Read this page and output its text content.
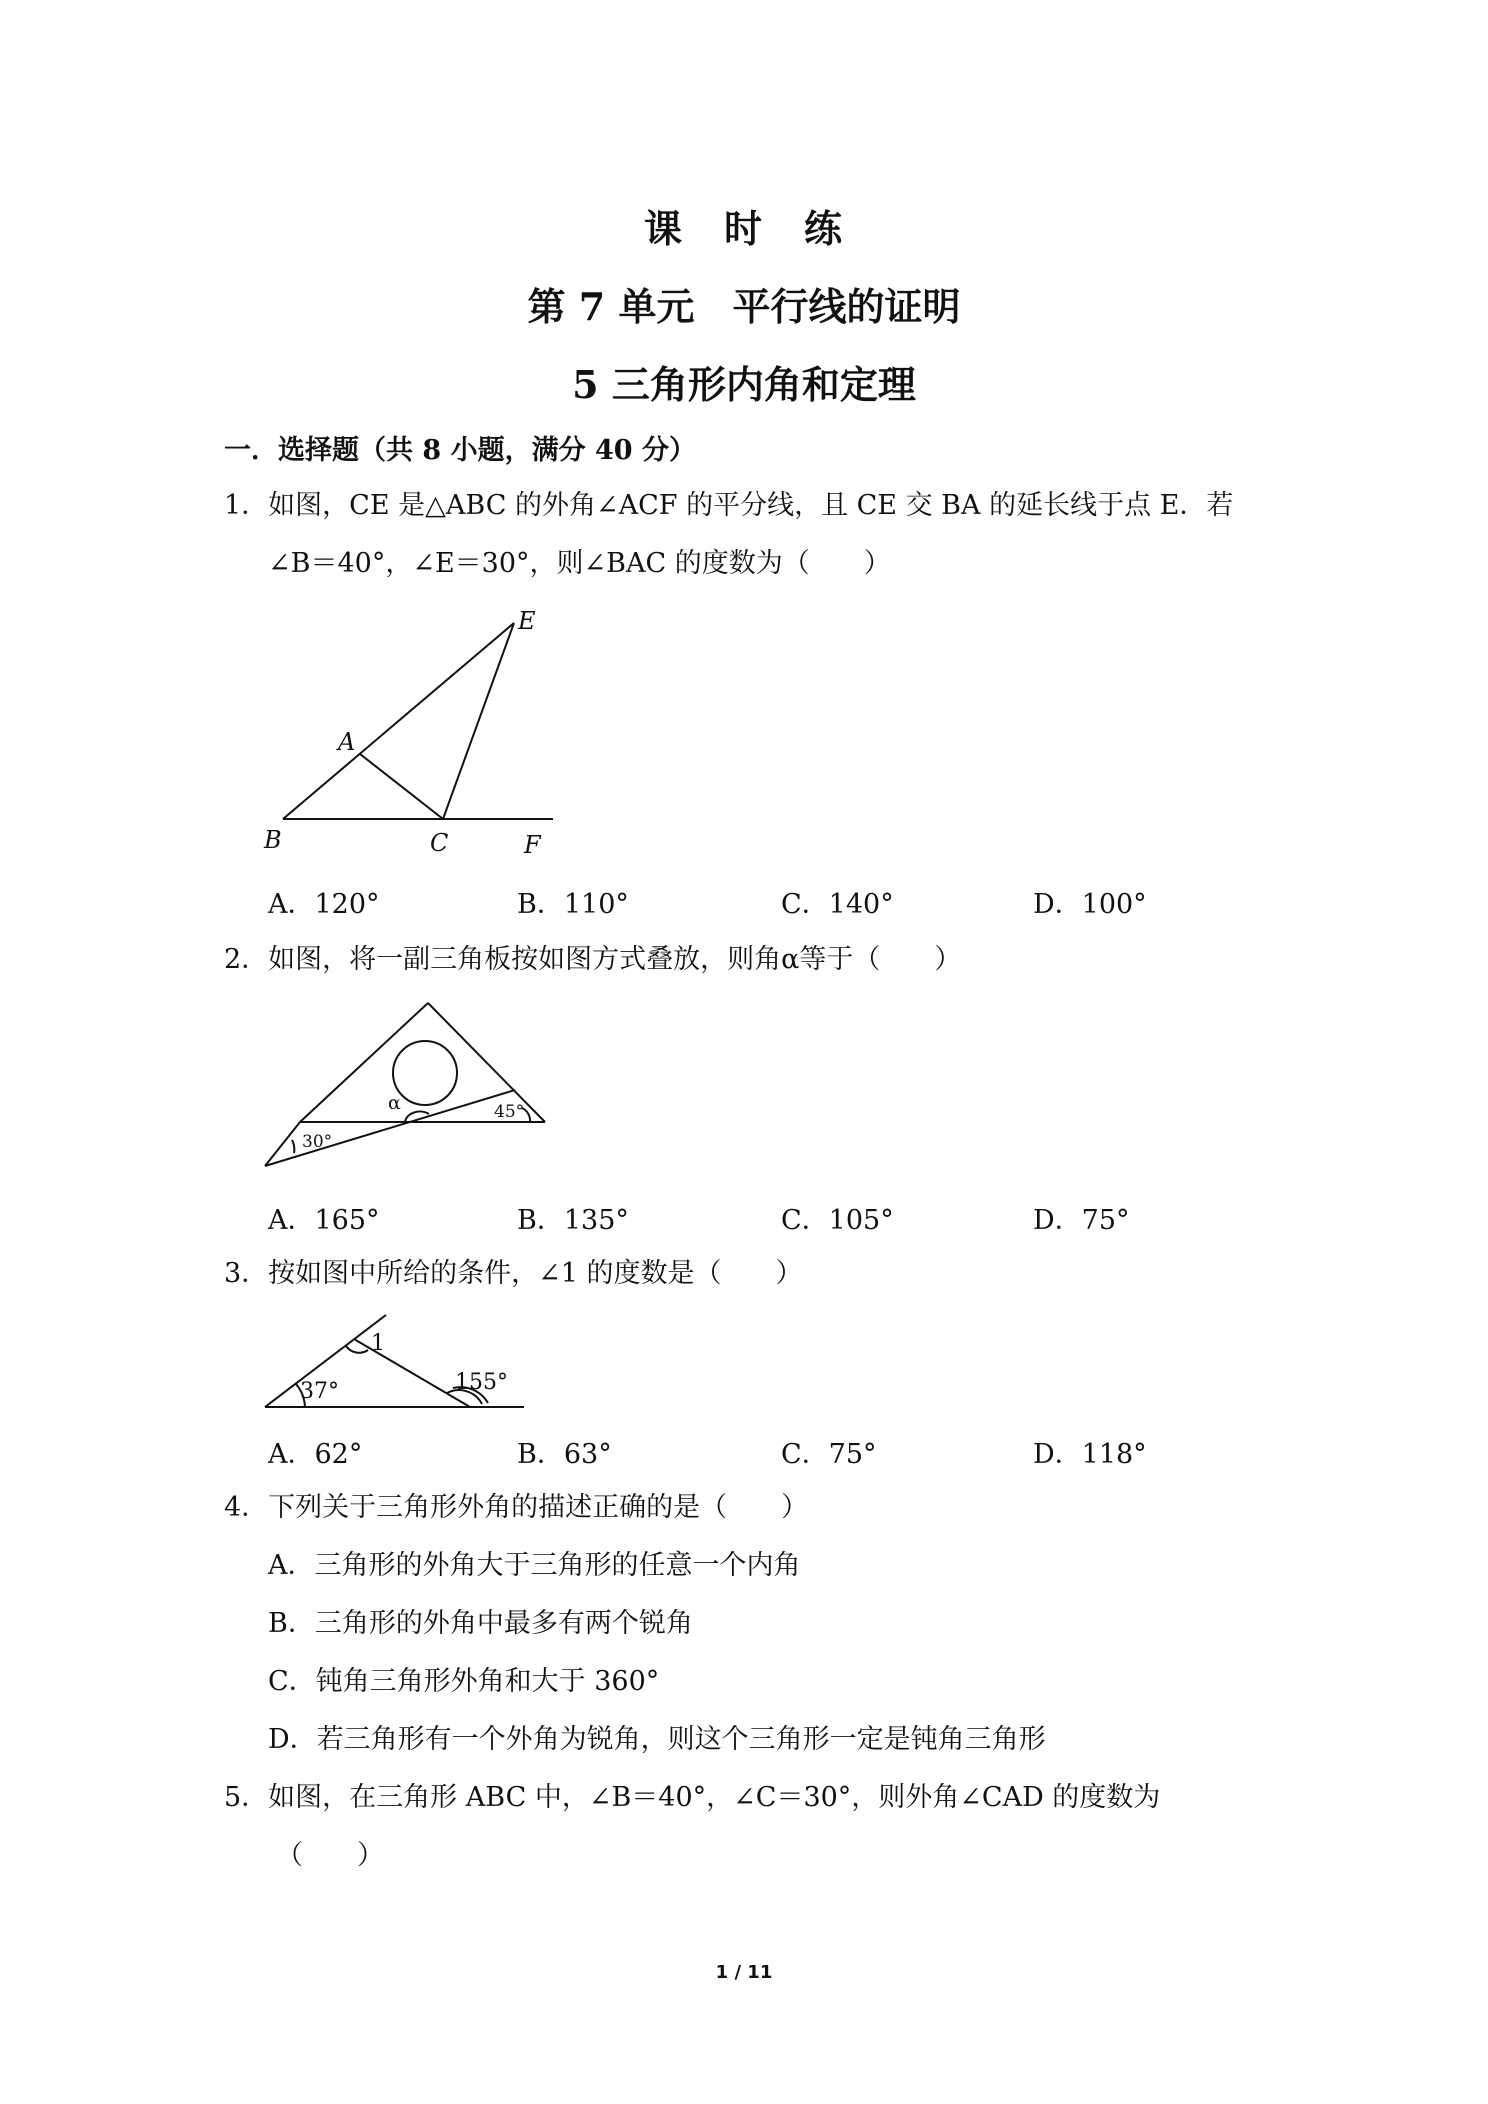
课　时　练
第 7 单元　平行线的证明
5 三角形内角和定理
一．选择题（共 8 小题，满分 40 分）
1．如图，CE 是△ABC 的外角∠ACF 的平分线，且 CE 交 BA 的延长线于点 E．若
∠B＝40°，∠E＝30°，则∠BAC 的度数为（　　）
E
A
B	C	F
A．120°	B．110°	C．140°	D．100°
2．如图，将一副三角板按如图方式叠放，则角α等于（　　）
α	45°
30°
A．165°	B．135°	C．105°	D．75°
3．按如图中所给的条件，∠1 的度数是（　　）
1
155°
37°
A．62°	B．63°	C．75°	D．118°
4．下列关于三角形外角的描述正确的是（　　）
A．三角形的外角大于三角形的任意一个内角
B．三角形的外角中最多有两个锐角
C．钝角三角形外角和大于 360°
D．若三角形有一个外角为锐角，则这个三角形一定是钝角三角形
5．如图，在三角形 ABC 中，∠B＝40°，∠C＝30°，则外角∠CAD 的度数为
（　　）
1 / 11
